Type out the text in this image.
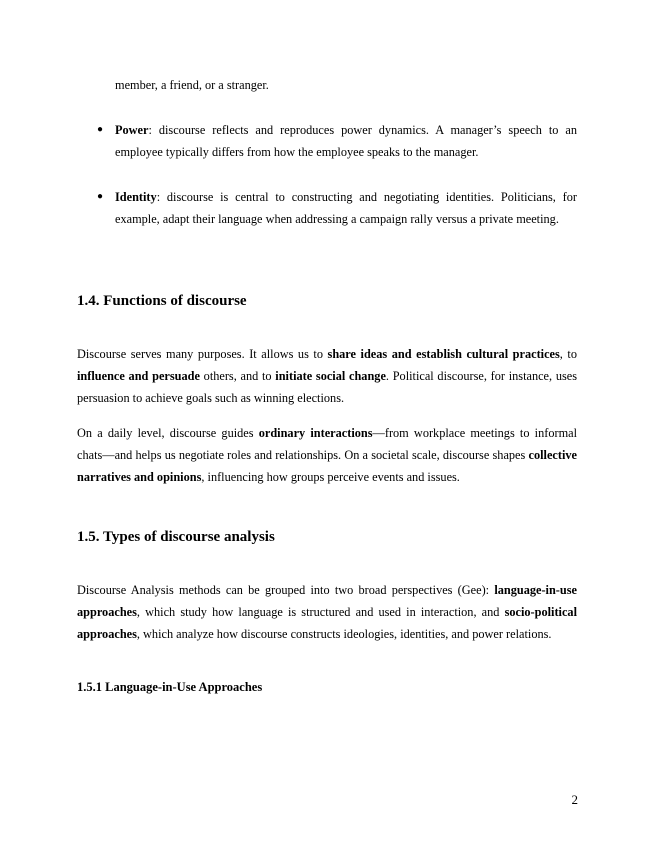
member, a friend, or a stranger.

● Power: discourse reflects and reproduces power dynamics. A manager’s speech to an employee typically differs from how the employee speaks to the manager.

● Identity: discourse is central to constructing and negotiating identities. Politicians, for example, adapt their language when addressing a campaign rally versus a private meeting.

1.4. Functions of discourse

Discourse serves many purposes. It allows us to share ideas and establish cultural practices, to influence and persuade others, and to initiate social change. Political discourse, for instance, uses persuasion to achieve goals such as winning elections.

On a daily level, discourse guides ordinary interactions—from workplace meetings to informal chats—and helps us negotiate roles and relationships. On a societal scale, discourse shapes collective narratives and opinions, influencing how groups perceive events and issues.

1.5. Types of discourse analysis

Discourse Analysis methods can be grouped into two broad perspectives (Gee): language-in-use approaches, which study how language is structured and used in interaction, and socio-political approaches, which analyze how discourse constructs ideologies, identities, and power relations.

1.5.1 Language-in-Use Approaches
2
